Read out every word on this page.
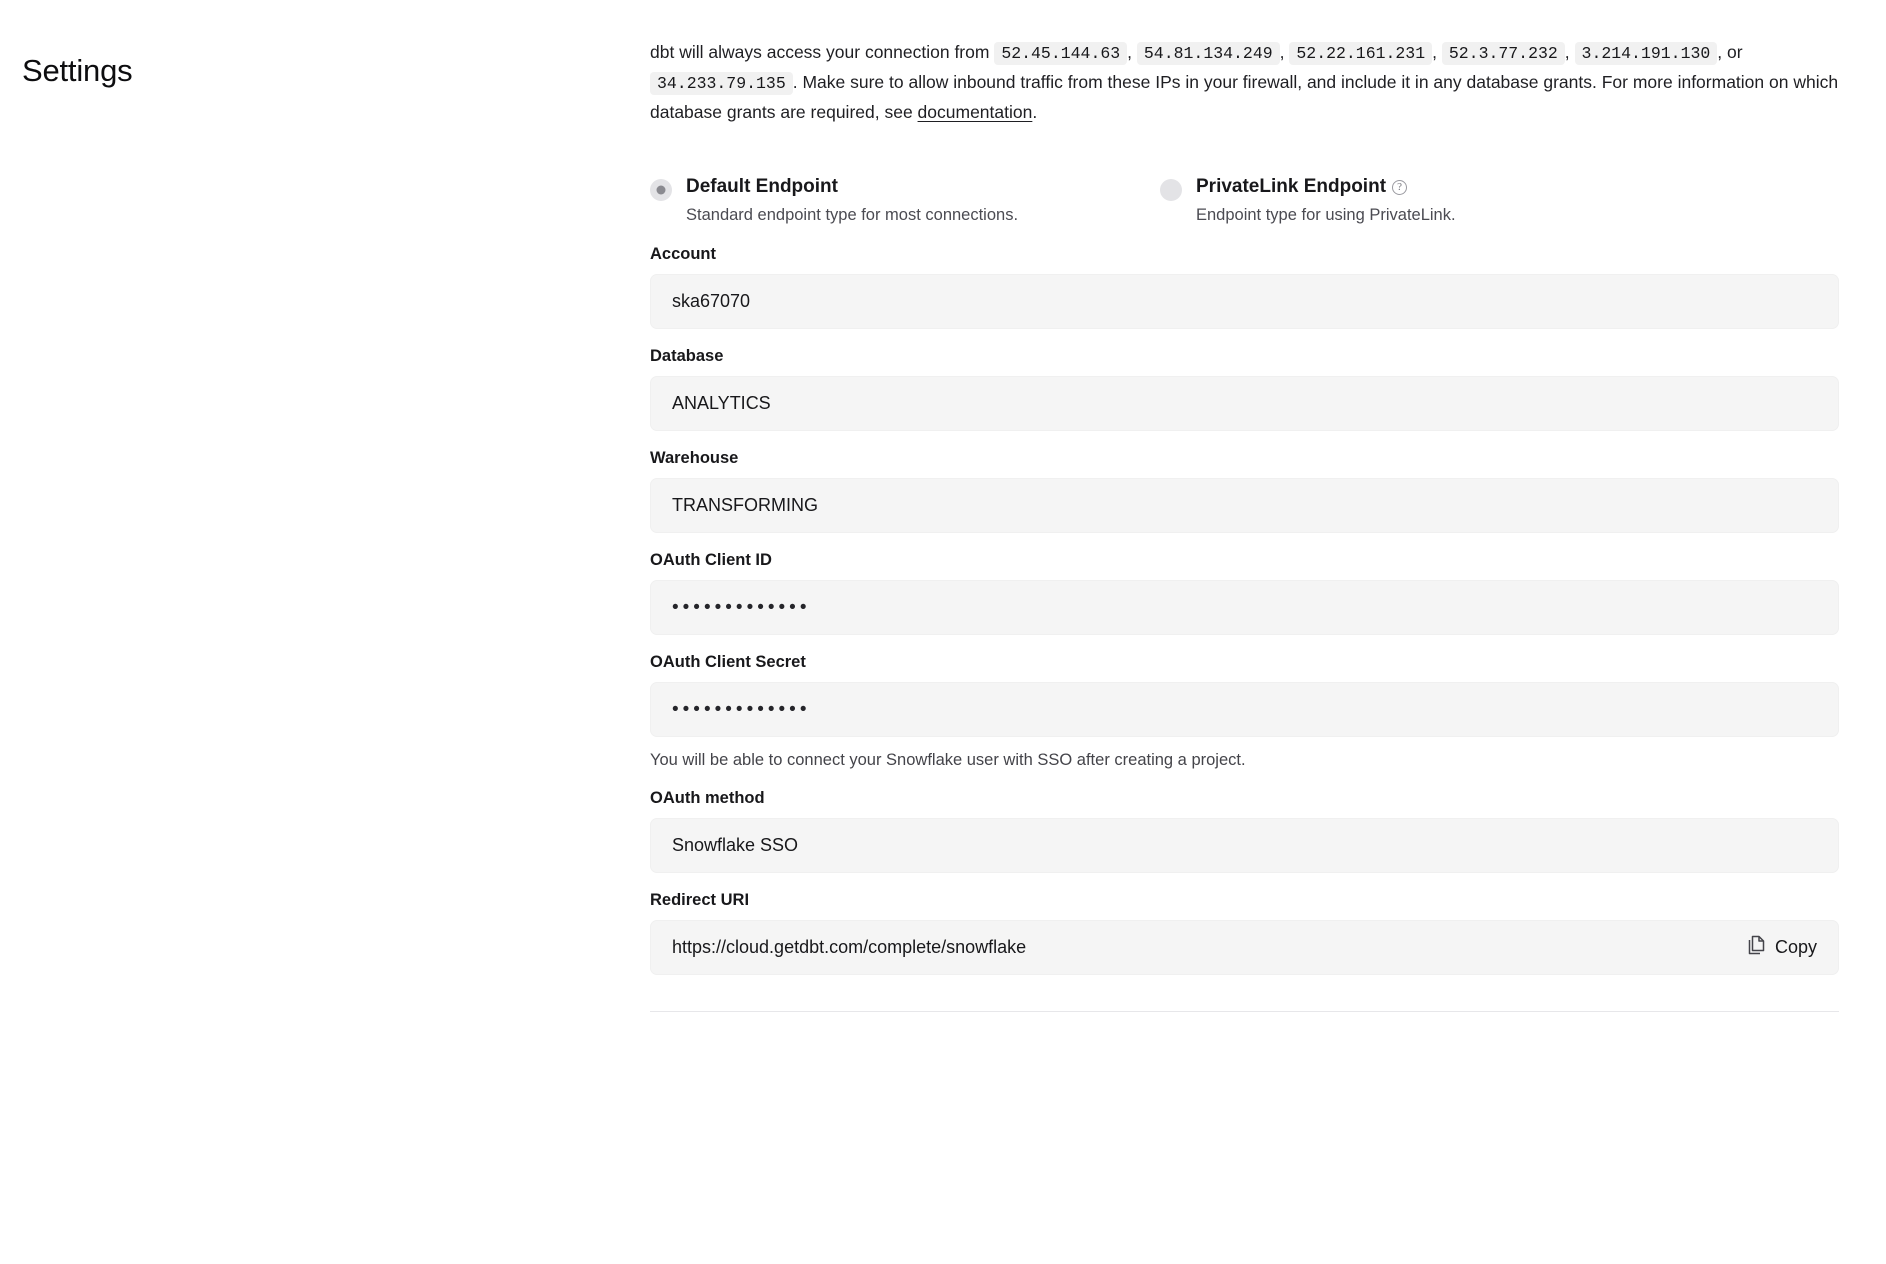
Settings

dbt will always access your connection from 52.45.144.63 , 54.81.134.249 , 52.22.161.231 , 52.3.77.232 , 3.214.191.130 , or 34.233.79.135 . Make sure to allow inbound traffic from these IPs in your firewall, and include it in any database grants. For more information on which database grants are required, see documentation.

Default Endpoint
Standard endpoint type for most connections.
PrivateLink Endpoint ?
Endpoint type for using PrivateLink.
Account
ska67070
Database
ANALYTICS
Warehouse
TRANSFORMING
OAuth Client ID
•••••••••••••
OAuth Client Secret
•••••••••••••
You will be able to connect your Snowflake user with SSO after creating a project.
OAuth method
Snowflake SSO
Redirect URI
https://cloud.getdbt.com/complete/snowflake	Copy
